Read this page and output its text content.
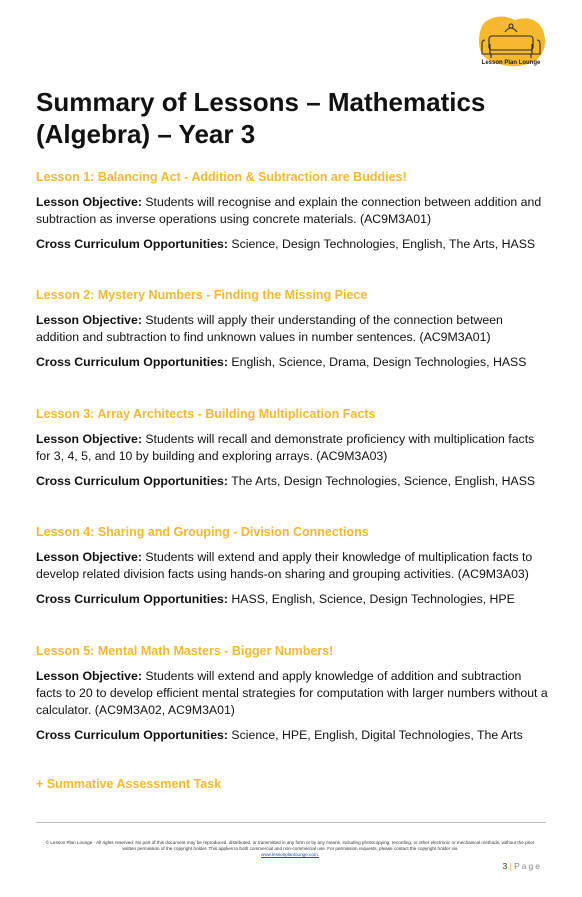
Lesson Plan Lounge
Summary of Lessons – Mathematics (Algebra) – Year 3
Lesson 1: Balancing Act - Addition & Subtraction are Buddies!
Lesson Objective: Students will recognise and explain the connection between addition and subtraction as inverse operations using concrete materials. (AC9M3A01)
Cross Curriculum Opportunities: Science, Design Technologies, English, The Arts, HASS
Lesson 2: Mystery Numbers - Finding the Missing Piece
Lesson Objective: Students will apply their understanding of the connection between addition and subtraction to find unknown values in number sentences. (AC9M3A01)
Cross Curriculum Opportunities: English, Science, Drama, Design Technologies, HASS
Lesson 3: Array Architects - Building Multiplication Facts
Lesson Objective: Students will recall and demonstrate proficiency with multiplication facts for 3, 4, 5, and 10 by building and exploring arrays. (AC9M3A03)
Cross Curriculum Opportunities: The Arts, Design Technologies, Science, English, HASS
Lesson 4: Sharing and Grouping - Division Connections
Lesson Objective: Students will extend and apply their knowledge of multiplication facts to develop related division facts using hands-on sharing and grouping activities. (AC9M3A03)
Cross Curriculum Opportunities: HASS, English, Science, Design Technologies, HPE
Lesson 5: Mental Math Masters - Bigger Numbers!
Lesson Objective: Students will extend and apply knowledge of addition and subtraction facts to 20 to develop efficient mental strategies for computation with larger numbers without a calculator. (AC9M3A02, AC9M3A01)
Cross Curriculum Opportunities: Science, HPE, English, Digital Technologies, The Arts
+ Summative Assessment Task
© Lesson Plan Lounge - All rights reserved. No part of this document may be reproduced, distributed, or transmitted in any form or by any means, including photocopying, recording, or other electronic or mechanical methods, without the prior written permission of the copyright holder. This applies to both commercial and non-commercial use. For permission requests, please contact the copyright holder via
www.lessonplanlounge.com.
3 | Page
